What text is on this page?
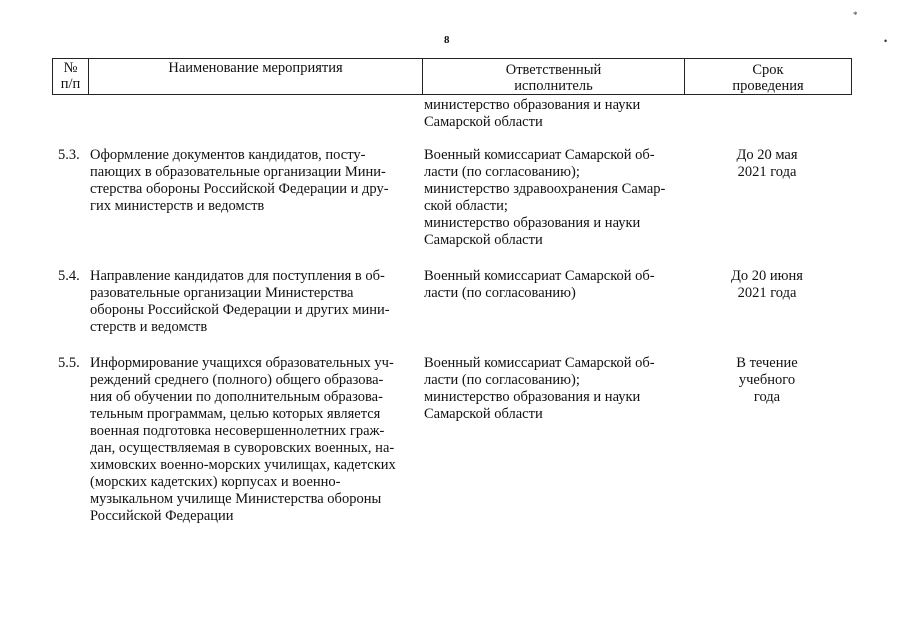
*
•
8
№
п/п
Наименование мероприятия	Ответственный
исполнитель
Срок
проведения
министерство образования и науки
Самарской области
5.3. Оформление документов кандидатов, посту-
пающих в образовательные организации Мини-
стерства обороны Российской Федерации и дру-
гих министерств и ведомств
Военный комиссариат Самарской об-
ласти (по согласованию);
министерство здравоохранения Самар-
ской области;
министерство образования и науки
Самарской области
До 20 мая
2021 года
5.4. Направление кандидатов для поступления в об-
разовательные организации Министерства
обороны Российской Федерации и других мини-
стерств и ведомств
Военный комиссариат Самарской об-
ласти (по согласованию)
До 20 июня
2021 года
5.5. Информирование учащихся образовательных уч-
реждений среднего (полного) общего образова-
ния об обучении по дополнительным образова-
тельным программам, целью которых является
военная подготовка несовершеннолетних граж-
дан, осуществляемая в суворовских военных, на-
химовских военно-морских училищах, кадетских
(морских кадетских) корпусах и военно-
музыкальном училище Министерства обороны
Российской Федерации
Военный комиссариат Самарской об-
ласти (по согласованию);
министерство образования и науки
Самарской области
В течение
учебного
года
